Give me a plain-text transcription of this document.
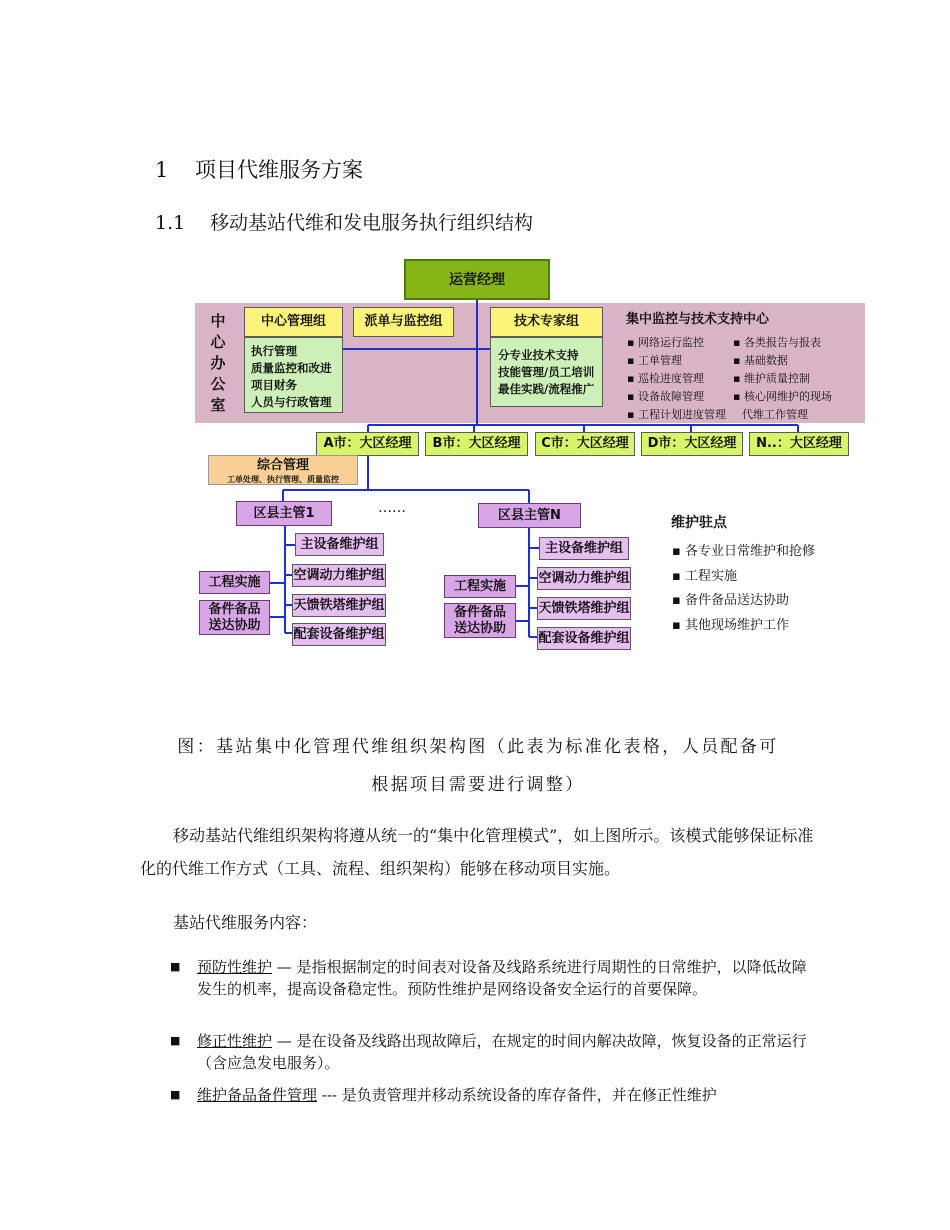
1 项目代维服务方案
1.1 移动基站代维和发电服务执行组织结构
运营经理
中
心
办
公
室
中心管理组
执行管理
质量监控和改进
项目财务
人员与行政管理
派单与监控组	技术专家组
分专业技术支持
技能管理/员工培训
最佳实践/流程推广
集中监控与技术支持中心
▪ 网络运行监控
▪ 工单管理
▪ 巡检进度管理
▪ 设备故障管理
▪ 工程计划进度管理
▪ 各类报告与报表
▪ 基础数据
▪ 维护质量控制
▪ 核心网维护的现场
代维工作管理
A市：大区经理	B市：大区经理	C市：大区经理	D市：大区经理	N..：大区经理
综合管理
工单处理、执行管理、质量监控
区县主管1	……	区县主管N
主设备维护组
空调动力维护组
天馈铁塔维护组
配套设备维护组
工程实施
备件备品
送达协助
主设备维护组
空调动力维护组
天馈铁塔维护组
配套设备维护组
工程实施
备件备品
送达协助
维护驻点
▪ 各专业日常维护和抢修
▪ 工程实施
▪ 备件备品送达协助
▪ 其他现场维护工作
图：基站集中化管理代维组织架构图（此表为标准化表格，人员配备可
根据项目需要进行调整）
移动基站代维组织架构将遵从统一的“集中化管理模式”，如上图所示。该模式能够保证标准化的代维工作方式（工具、流程、组织架构）能够在移动项目实施。
基站代维服务内容：
■ 预防性维护 — 是指根据制定的时间表对设备及线路系统进行周期性的日常维护，以降低故障发生的机率，提高设备稳定性。预防性维护是网络设备安全运行的首要保障。
■ 修正性维护 — 是在设备及线路出现故障后，在规定的时间内解决故障，恢复设备的正常运行（含应急发电服务）。
■ 维护备品备件管理 --- 是负责管理并移动系统设备的库存备件，并在修正性维护
